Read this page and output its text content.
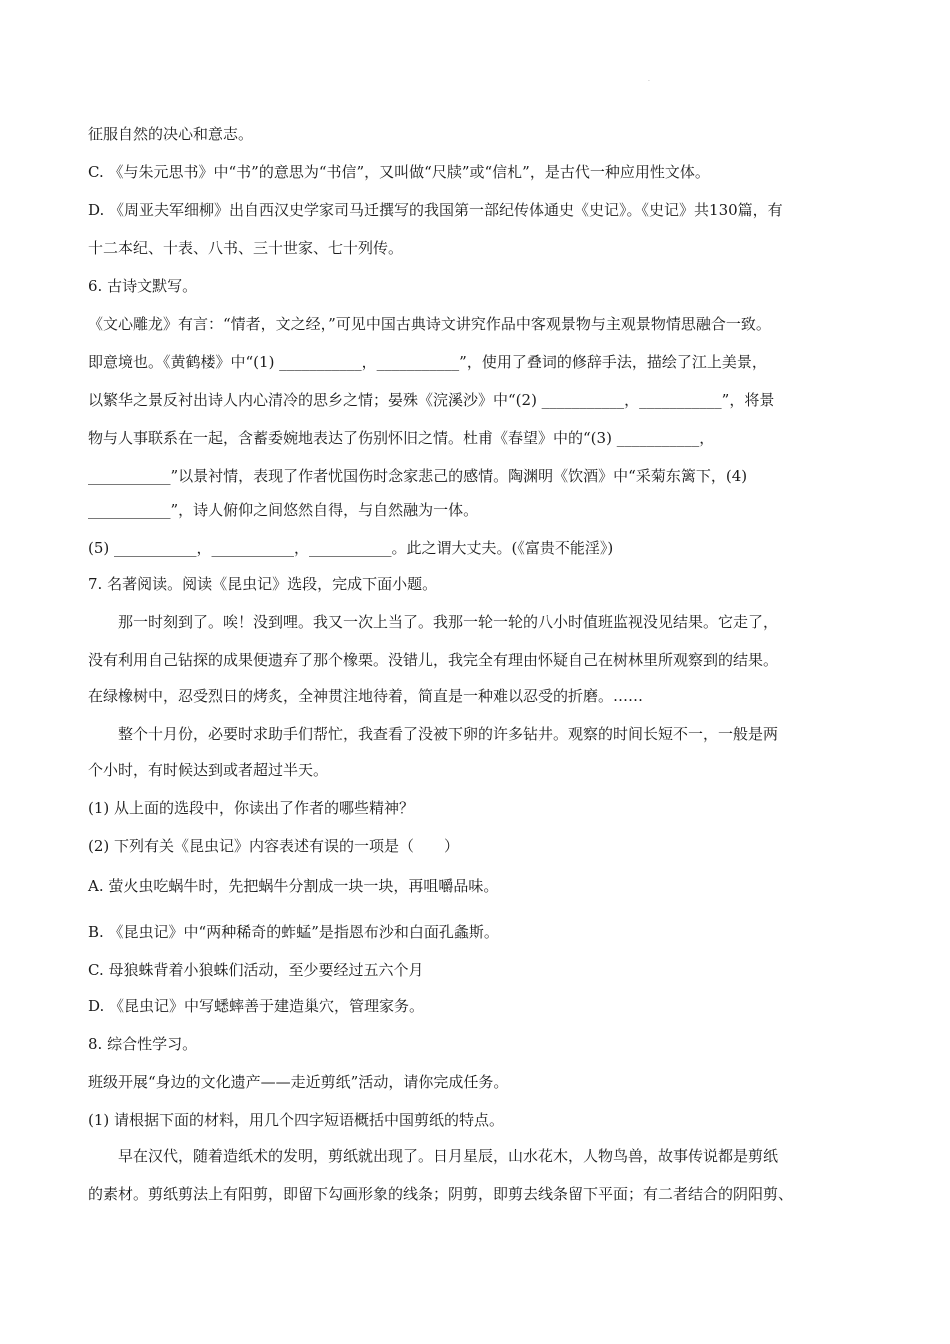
·
征服自然的决心和意志。
C. 《与朱元思书》中“书”的意思为“书信”，又叫做“尺牍”或“信札”，是古代一种应用性文体。
D. 《周亚夫军细柳》出自西汉史学家司马迁撰写的我国第一部纪传体通史《史记》。《史记》共130篇，有
十二本纪、十表、八书、三十世家、七十列传。
6. 古诗文默写。
《文心雕龙》有言：“情者，文之经，”可见中国古典诗文讲究作品中客观景物与主观景物情思融合一致。
即意境也。《黄鹤楼》中“(1) ___________，___________”，使用了叠词的修辞手法，描绘了江上美景，
以繁华之景反衬出诗人内心清冷的思乡之情；晏殊《浣溪沙》中“(2) ___________，___________”，将景
物与人事联系在一起，含蓄委婉地表达了伤别怀旧之情。杜甫《春望》中的“(3) ___________，
___________”以景衬情，表现了作者忧国伤时念家悲己的感情。陶渊明《饮酒》中“采菊东篱下，(4)
___________”，诗人俯仰之间悠然自得，与自然融为一体。
(5) ___________，___________，___________。此之谓大丈夫。(《富贵不能淫》)
7. 名著阅读。阅读《昆虫记》选段，完成下面小题。
那一时刻到了。唉！没到哩。我又一次上当了。我那一轮一轮的八小时值班监视没见结果。它走了，
没有利用自己钻探的成果便遗弃了那个橡栗。没错儿，我完全有理由怀疑自己在树林里所观察到的结果。
在绿橡树中，忍受烈日的烤炙，全神贯注地待着，简直是一种难以忍受的折磨。……
整个十月份，必要时求助手们帮忙，我查看了没被下卵的许多钻井。观察的时间长短不一，一般是两
个小时，有时候达到或者超过半天。
(1) 从上面的选段中，你读出了作者的哪些精神？
(2) 下列有关《昆虫记》内容表述有误的一项是（　　）
A. 萤火虫吃蜗牛时，先把蜗牛分割成一块一块，再咀嚼品味。
B. 《昆虫记》中“两种稀奇的蚱蜢”是指恩布沙和白面孔螽斯。
C. 母狼蛛背着小狼蛛们活动，至少要经过五六个月
D. 《昆虫记》中写蟋蟀善于建造巢穴，管理家务。
8. 综合性学习。
班级开展“身边的文化遗产——走近剪纸”活动，请你完成任务。
(1) 请根据下面的材料，用几个四字短语概括中国剪纸的特点。
早在汉代，随着造纸术的发明，剪纸就出现了。日月星辰，山水花木，人物鸟兽，故事传说都是剪纸
的素材。剪纸剪法上有阳剪，即留下勾画形象的线条；阴剪，即剪去线条留下平面；有二者结合的阴阳剪、
